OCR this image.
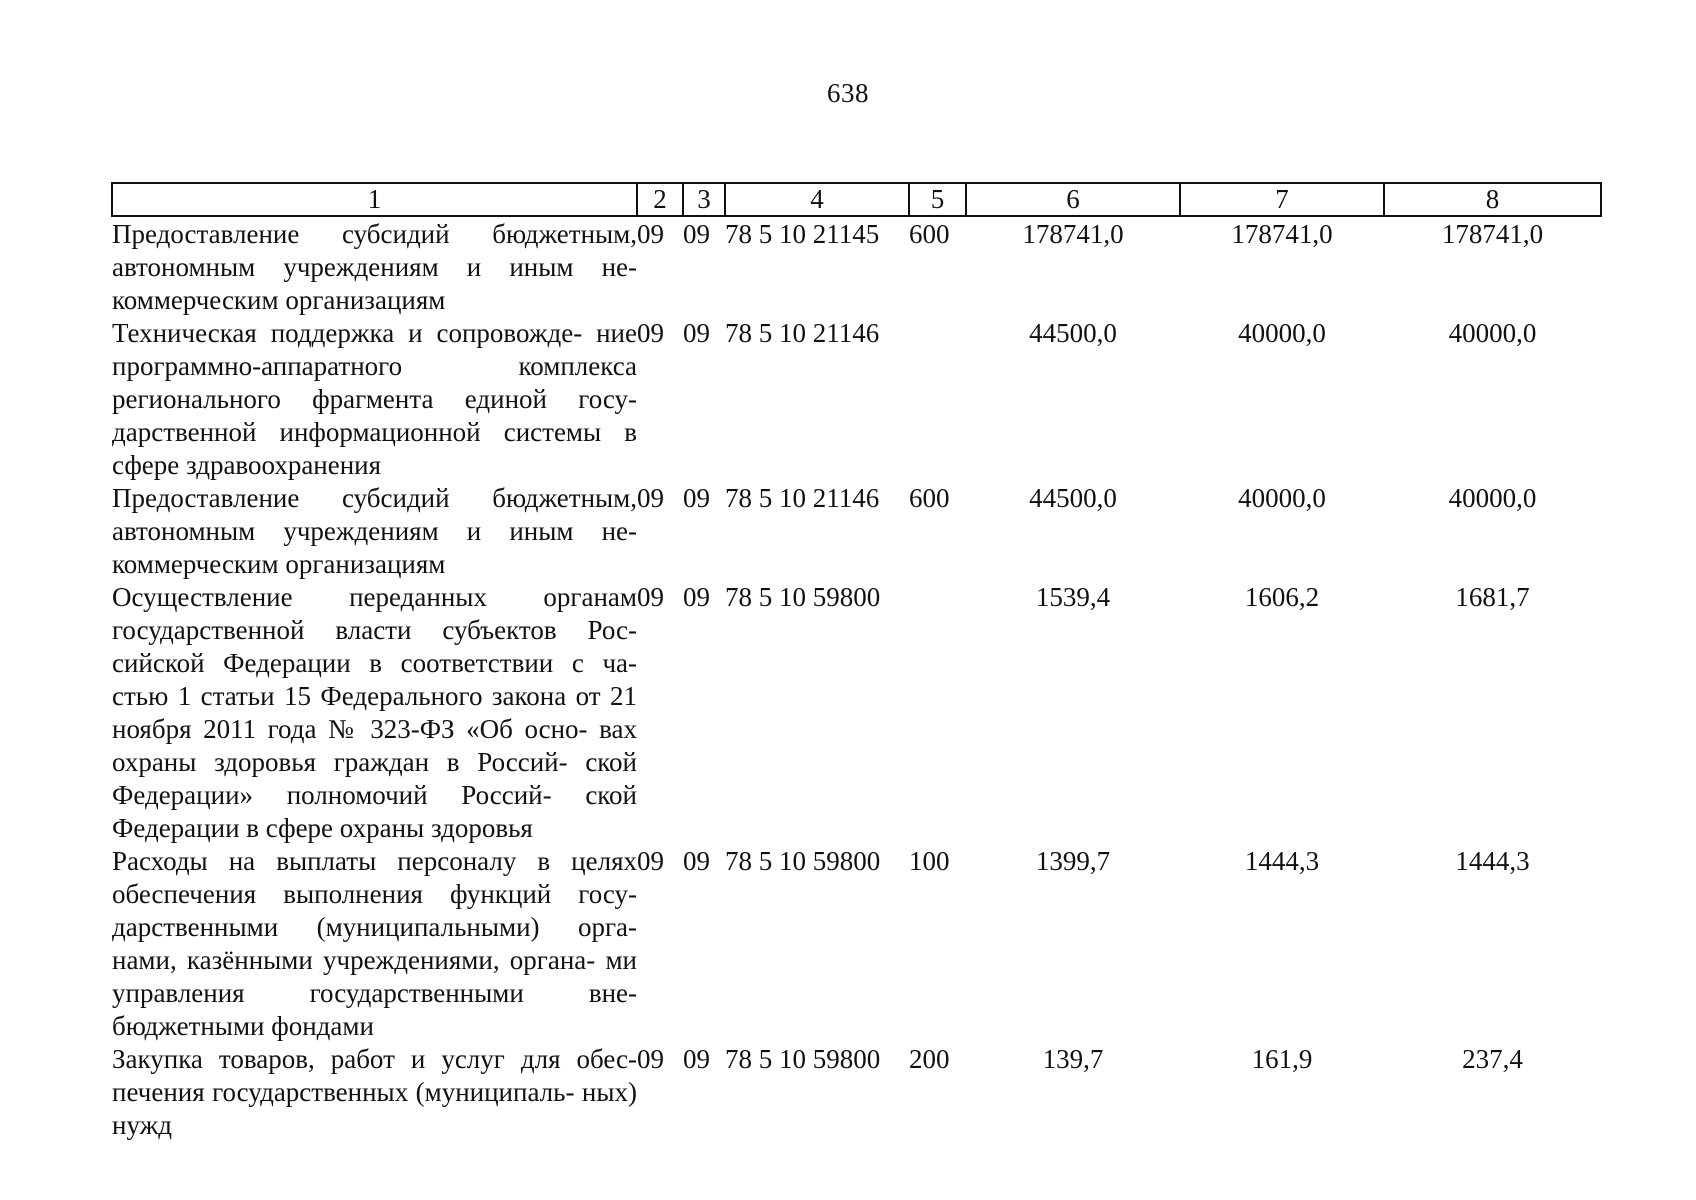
638
1	2	3	4	5	6	7	8
Предоставление субсидий бюджетным, автономным учреждениям и иным не- коммерческим организациям	09	09	78 5 10 21145	600	178741,0	178741,0	178741,0
Техническая поддержка и сопровожде- ние программно-аппаратного комплекса регионального фрагмента единой госу- дарственной информационной системы в сфере здравоохранения	09	09	78 5 10 21146		44500,0	40000,0	40000,0
Предоставление субсидий бюджетным, автономным учреждениям и иным не- коммерческим организациям	09	09	78 5 10 21146	600	44500,0	40000,0	40000,0
Осуществление переданных органам государственной власти субъектов Рос- сийской Федерации в соответствии с ча- стью 1 статьи 15 Федерального закона от 21 ноября 2011 года № 323-ФЗ «Об осно- вах охраны здоровья граждан в Россий- ской Федерации» полномочий Россий- ской Федерации в сфере охраны здоровья	09	09	78 5 10 59800		1539,4	1606,2	1681,7
Расходы на выплаты персоналу в целях обеспечения выполнения функций госу- дарственными (муниципальными) орга- нами, казёнными учреждениями, органа- ми управления государственными вне- бюджетными фондами	09	09	78 5 10 59800	100	1399,7	1444,3	1444,3
Закупка товаров, работ и услуг для обес- печения государственных (муниципаль- ных) нужд	09	09	78 5 10 59800	200	139,7	161,9	237,4
